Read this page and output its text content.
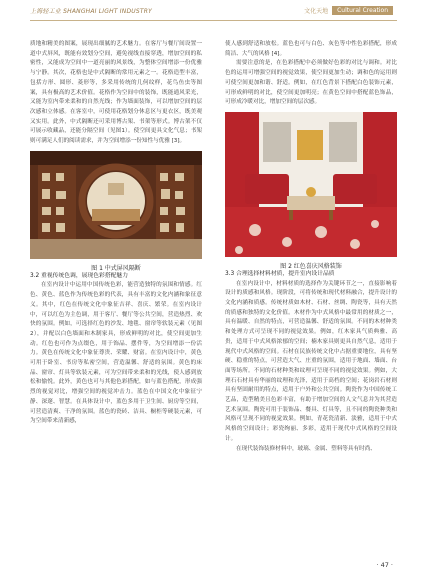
上海轻工业 SHANGHAI LIGHT INDUSTRY	文化天地	Cultural Creation

质地和精美的图案，展现出细腻的艺术魅力。在客厅与餐厅间设置一道中式屏风，既能有效划分空间，避免视线直接穿透，增加空间的私密性，又能成为空间中一道亮丽的风景线，为整体空间增添一份优雅与宁静。其次，花格也是中式隔断的常用元素之一。花格造型丰富，包括方形、圆形、菱形等，多采用传统的几何纹样，花鸟鱼虫等图案，具有极高的艺术价值。花格作为空间中的装饰，既能通风采光，又能为室内带来柔和的自然光线；作为墙面装饰，可以增加空间的层次感和立体感。在客室中，可使用花格划分休息区与更衣区，既美观又实用。此外，中式隔断还可采用博古架、书架等形式。博古架不仅可展示收藏品，还能分隔空间（见图1）。使空间更具文化气息；书架则可满足人们的阅读需求，并为空间增添一份知性与优雅 [3]。

图 1 中式屏风隔断
3.2 重视传统色调，展现色彩搭配魅力

在室内设计中运用中国传统色彩，能营造独特的氛围和情感。红色、黄色、蓝色作为传统色彩的代表，具有丰富的文化内涵和象征意义。其中，红色在传统文化中象征吉祥、喜庆、繁荣。在室内设计中，可以红色为主色调，用于客厅、餐厅等公共空间，营造热烈、欢快的氛围。例如，可选择红色的沙发、地毯、窗帘等软装元素（见图2），并配以白色墙面和木制家具，形成鲜明的对比，使空间更加生动。红色也可作为点缀色，用于饰品、摆件等，为空间增添一份活力。黄色在传统文化中象征尊贵、荣耀、财富。在室内设计中，黄色可用于卧室、书房等私密空间，营造温馨、舒适的氛围。黄色的床品、窗帘、灯具等软装元素，可为空间带来柔和的光线，使人感到放松和愉悦。此外，黄色也可与其他色彩搭配，如与蓝色搭配，形成强烈的视觉对比，增强空间的视觉冲击力。蓝色在中国文化中象征宁静、深邃、智慧。在具体设计中，蓝色多用于卫生间、厨房等空间，可营造清爽、干净的氛围。蓝色的瓷砖、洁具、橱柜等硬装元素，可为空间带来清新感，

使人感到舒适和放松。蓝色也可与白色、灰色等中性色彩搭配，形成简洁、大气的风格 [4]。

需要注意的是，在色彩搭配中必须做好色彩的对比与调和。对比色的运用可增强空间的视觉效果，使空间更加生动；调和色的运用则可使空间更加和谐、舒适。例如，在红色背景下搭配白色装饰元素，可形成鲜明的对比，使空间更加明亮；在黄色空间中搭配蓝色饰品，可形成冷暖对比，增加空间的层次感。

图 2 红色喜庆风格装饰
3.3 合理选择材料材质，提升室内设计品质

在室内设计中，材料材质的选择作为关键环节之一，直接影响着设计的质感和风格。现阶段，可将传统和现代材料融合，提升设计的文化内涵和质感。传统材质如木材、石材、丝绸、陶瓷等，具有天然的质感和独特的文化价值。木材作为中式风格中最常用的材质之一，具有温暖、自然的特点，可营造温馨、舒适的氛围。不同的木材种类和处理方式可呈现不同的视觉效果。例如，红木家具气质典雅、高贵，适用于中式风格浓郁的空间；楠木家具则更具自然气息，适用于现代中式风格的空间。石材在民族传统文化中占据重要地位，具有坚硬、稳重的特点，可营造大气、庄重的氛围，适用于地面、墙面、台面等场所。不同的石材种类和纹理可呈现不同的视觉效果。例如，大理石石材具有华丽的纹理和光泽，适用于高档的空间；花岗岩石材则具有坚固耐用的特点，适用于户外和公共空间。陶瓷作为中国传统工艺品，造型精美且色彩丰富，有助于增加空间的人文气息并为其营造艺术氛围。陶瓷可用于装饰品、餐具、灯具等，且不同的陶瓷种类和风格可呈现不同的视觉效果。例如，青花瓷清新、淡雅，适用于中式风格的空间设计；彩瓷绚丽、多彩，适用于现代中式风格的空间设计。

在现代装饰装修材料中，玻璃、金属、塑料等具有时尚、

· 47 ·
